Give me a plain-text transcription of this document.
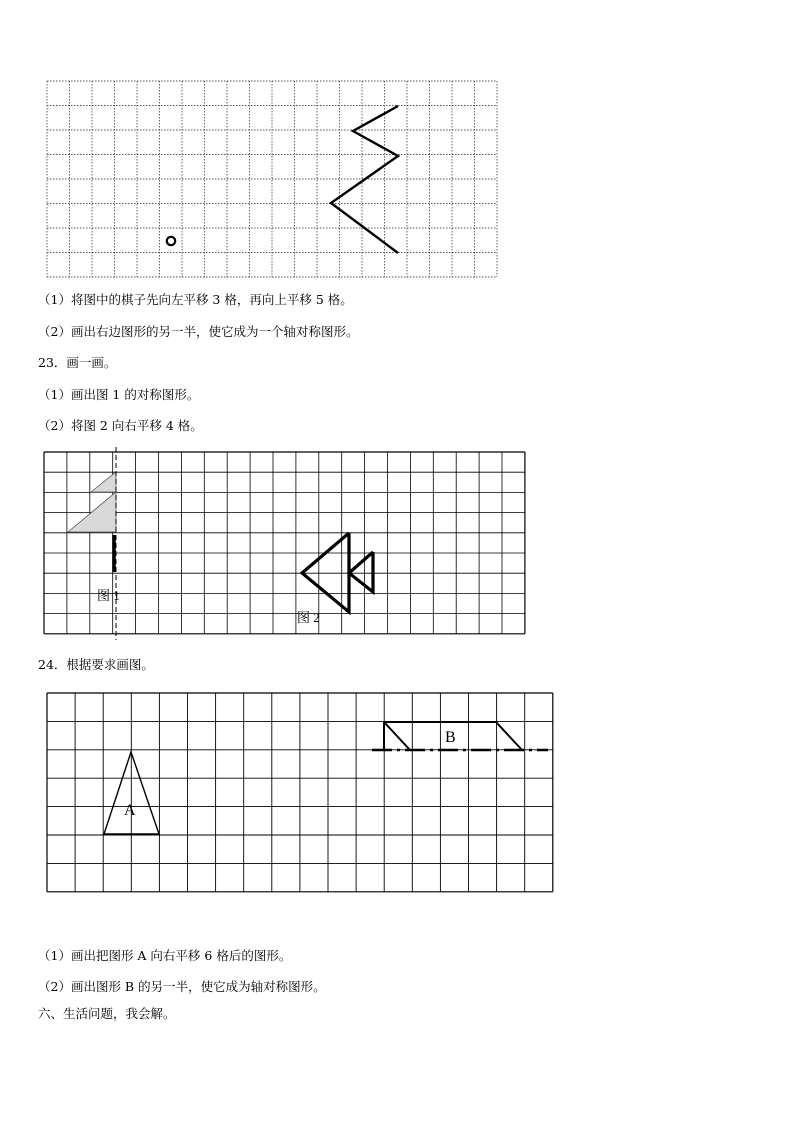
图 1
图 2
A
B
（1）将图中的棋子先向左平移 3 格，再向上平移 5 格。
（2）画出右边图形的另一半，使它成为一个轴对称图形。
23．画一画。
（1）画出图 1 的对称图形。
（2）将图 2 向右平移 4 格。
24．根据要求画图。
（1）画出把图形 A 向右平移 6 格后的图形。
（2）画出图形 B 的另一半，使它成为轴对称图形。
六、生活问题，我会解。
